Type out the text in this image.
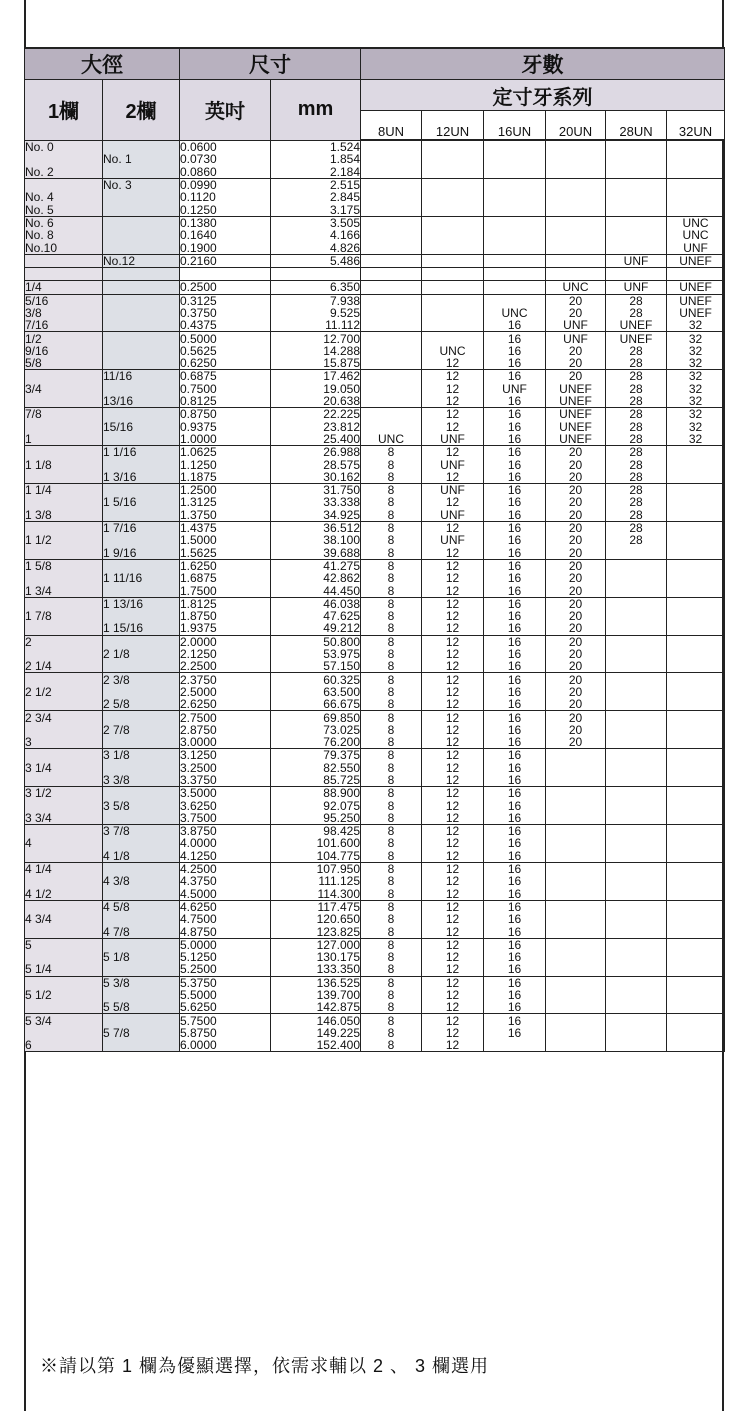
大徑		尺寸		牙數					
1欄	2欄	英吋	mm	定寸牙系列					
				8UN	12UN	16UN	20UN	28UN	32UN
No. 0		0.0600	1.524						
	No. 1	0.0730	1.854						
No. 2		0.0860	2.184						
	No. 3	0.0990	2.515						
No. 4		0.1120	2.845						
No. 5		0.1250	3.175						
No. 6		0.1380	3.505						UNC
No. 8		0.1640	4.166						UNC
No.10		0.1900	4.826						UNF
	No.12	0.2160	5.486					UNF	UNEF

1/4		0.2500	6.350				UNC	UNF	UNEF
5/16		0.3125	7.938				20	28	UNEF
3/8		0.3750	9.525			UNC	20	28	UNEF
7/16		0.4375	11.112			16	UNF	UNEF	32
1/2		0.5000	12.700			16	UNF	UNEF	32
9/16		0.5625	14.288		UNC	16	20	28	32
5/8		0.6250	15.875		12	16	20	28	32
	11/16	0.6875	17.462		12	16	20	28	32
3/4		0.7500	19.050		12	UNF	UNEF	28	32
	13/16	0.8125	20.638		12	16	UNEF	28	32
7/8		0.8750	22.225		12	16	UNEF	28	32
	15/16	0.9375	23.812		12	16	UNEF	28	32
1		1.0000	25.400	UNC	UNF	16	UNEF	28	32
	1 1/16	1.0625	26.988	8	12	16	20	28	
1 1/8		1.1250	28.575	8	UNF	16	20	28	
	1 3/16	1.1875	30.162	8	12	16	20	28	
1 1/4		1.2500	31.750	8	UNF	16	20	28	
	1 5/16	1.3125	33.338	8	12	16	20	28	
1 3/8		1.3750	34.925	8	UNF	16	20	28	
	1 7/16	1.4375	36.512	8	12	16	20	28	
1 1/2		1.5000	38.100	8	UNF	16	20	28	
	1 9/16	1.5625	39.688	8	12	16	20		
1 5/8		1.6250	41.275	8	12	16	20		
	1 11/16	1.6875	42.862	8	12	16	20		
1 3/4		1.7500	44.450	8	12	16	20		
	1 13/16	1.8125	46.038	8	12	16	20		
1 7/8		1.8750	47.625	8	12	16	20		
	1 15/16	1.9375	49.212	8	12	16	20		
2		2.0000	50.800	8	12	16	20		
	2 1/8	2.1250	53.975	8	12	16	20		
2 1/4		2.2500	57.150	8	12	16	20		
	2 3/8	2.3750	60.325	8	12	16	20		
2 1/2		2.5000	63.500	8	12	16	20		
	2 5/8	2.6250	66.675	8	12	16	20		
2 3/4		2.7500	69.850	8	12	16	20		
	2 7/8	2.8750	73.025	8	12	16	20		
3		3.0000	76.200	8	12	16	20		
	3 1/8	3.1250	79.375	8	12	16			
3 1/4		3.2500	82.550	8	12	16			
	3 3/8	3.3750	85.725	8	12	16			
3 1/2		3.5000	88.900	8	12	16			
	3 5/8	3.6250	92.075	8	12	16			
3 3/4		3.7500	95.250	8	12	16			
	3 7/8	3.8750	98.425	8	12	16			
4		4.0000	101.600	8	12	16			
	4 1/8	4.1250	104.775	8	12	16			
4 1/4		4.2500	107.950	8	12	16			
	4 3/8	4.3750	111.125	8	12	16			
4 1/2		4.5000	114.300	8	12	16			
	4 5/8	4.6250	117.475	8	12	16			
4 3/4		4.7500	120.650	8	12	16			
	4 7/8	4.8750	123.825	8	12	16			
5		5.0000	127.000	8	12	16			
	5 1/8	5.1250	130.175	8	12	16			
5 1/4		5.2500	133.350	8	12	16			
	5 3/8	5.3750	136.525	8	12	16			
5 1/2		5.5000	139.700	8	12	16			
	5 5/8	5.6250	142.875	8	12	16			
5 3/4		5.7500	146.050	8	12	16			
	5 7/8	5.8750	149.225	8	12	16			
6		6.0000	152.400	8	12				
※請以第 1 欄為優顯選擇，依需求輔以 2 、 3 欄選用
